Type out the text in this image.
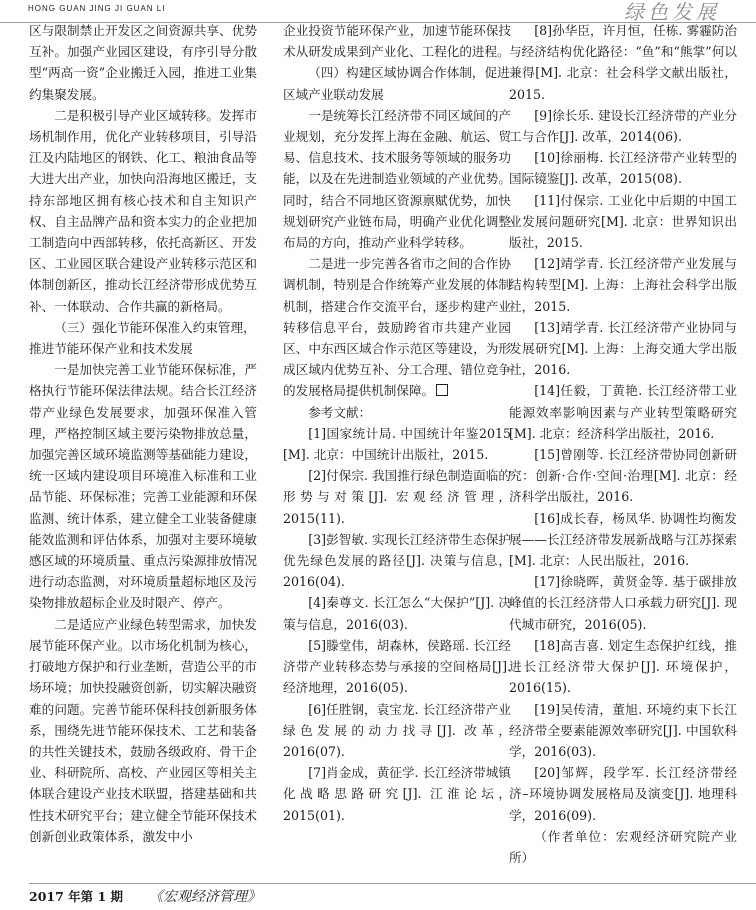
HONG GUAN JING JI GUAN LI	绿色发展

区与限制禁止开发区之间资源共享、优势互补。加强产业园区建设，有序引导分散型“两高一资”企业搬迁入园，推进工业集约集聚发展。

二是积极引导产业区域转移。发挥市场机制作用，优化产业转移项目，引导沿江及内陆地区的钢铁、化工、粮油食品等大进大出产业，加快向沿海地区搬迁，支持东部地区拥有核心技术和自主知识产权、自主品牌产品和资本实力的企业把加工制造向中西部转移，依托高新区、开发区、工业园区联合建设产业转移示范区和体制创新区，推动长江经济带形成优势互补、一体联动、合作共赢的新格局。

（三）强化节能环保准入约束管理，推进节能环保产业和技术发展

一是加快完善工业节能环保标准，严格执行节能环保法律法规。结合长江经济带产业绿色发展要求，加强环保准入管理，严格控制区域主要污染物排放总量，加强完善区域环境监测等基础能力建设，统一区域内建设项目环境准入标准和工业品节能、环保标准；完善工业能源和环保监测、统计体系，建立健全工业装备健康能效监测和评估体系，加强对主要环境敏感区域的环境质量、重点污染源排放情况进行动态监测，对环境质量超标地区及污染物排放超标企业及时限产、停产。

二是适应产业绿色转型需求，加快发展节能环保产业。以市场化机制为核心，打破地方保护和行业垄断，营造公平的市场环境；加快投融资创新，切实解决融资难的问题。完善节能环保科技创新服务体系，围绕先进节能环保技术、工艺和装备的共性关键技术，鼓励各级政府、骨干企业、科研院所、高校、产业园区等相关主体联合建设产业技术联盟，搭建基础和共性技术研究平台；建立健全节能环保技术创新创业政策体系，激发中小

企业投资节能环保产业，加速节能环保技术从研发成果到产业化、工程化的进程。

（四）构建区域协调合作体制，促进区域产业联动发展

一是统筹长江经济带不同区域间的产业规划，充分发挥上海在金融、航运、贸易、信息技术、技术服务等领域的服务功能，以及在先进制造业领域的产业优势。同时，结合不同地区资源禀赋优势，加快规划研究产业链布局，明确产业优化调整布局的方向，推动产业科学转移。

二是进一步完善各省市之间的合作协调机制，特别是合作统筹产业发展的体制机制，搭建合作交流平台，逐步构建产业转移信息平台，鼓励跨省市共建产业园区、中东西区域合作示范区等建设，为形成区域内优势互补、分工合理、错位竞争的发展格局提供机制保障。

参考文献：

[1]国家统计局. 中国统计年鉴2015 [M]. 北京：中国统计出版社，2015.

[2]付保宗. 我国推行绿色制造面临的形势与对策[J]. 宏观经济管理，2015(11).

[3]彭智敏. 实现长江经济带生态保护优先绿色发展的路径[J]. 决策与信息，2016(04).

[4]秦尊文. 长江怎么“大保护”[J]. 决策与信息，2016(03).

[5]滕堂伟，胡森林，侯路瑶. 长江经济带产业转移态势与承接的空间格局[J]. 经济地理，2016(05).

[6]任胜钢，袁宝龙. 长江经济带产业绿色发展的动力找寻[J]. 改革，2016(07).

[7]肖金成，黄征学. 长江经济带城镇化战略思路研究[J]. 江淮论坛，2015(01).

[8]孙华臣，许月恒，任栋. 雾霾防治与经济结构优化路径：“鱼”和“熊掌”何以兼得[M]. 北京：社会科学文献出版社，2015.

[9]徐长乐. 建设长江经济带的产业分工与合作[J]. 改革，2014(06).

[10]徐丽梅. 长江经济带产业转型的国际镜鉴[J]. 改革，2015(08).

[11]付保宗. 工业化中后期的中国工业发展问题研究[M]. 北京：世界知识出版社，2015.

[12]靖学青. 长江经济带产业发展与结构转型[M]. 上海：上海社会科学出版社，2015.

[13]靖学青. 长江经济带产业协同与发展研究[M]. 上海：上海交通大学出版社，2016.

[14]任毅，丁黄艳. 长江经济带工业能源效率影响因素与产业转型策略研究[M]. 北京：经济科学出版社，2016.

[15]曾刚等. 长江经济带协同创新研究：创新·合作·空间·治理[M]. 北京：经济科学出版社，2016.

[16]成长春，杨凤华. 协调性均衡发展——长江经济带发展新战略与江苏探索 [M]. 北京：人民出版社，2016.

[17]徐晓晖，黄贤金等. 基于碳排放峰值的长江经济带人口承载力研究[J]. 现代城市研究，2016(05).

[18]高吉喜. 划定生态保护红线，推进长江经济带大保护[J]. 环境保护，2016(15).

[19]吴传清，董旭. 环境约束下长江经济带全要素能源效率研究[J]. 中国软科学，2016(03).

[20]邹辉，段学军. 长江经济带经济–环境协调发展格局及演变[J]. 地理科学，2016(09).

（作者单位：宏观经济研究院产业所）

2017 年第 1 期 《宏观经济管理》
